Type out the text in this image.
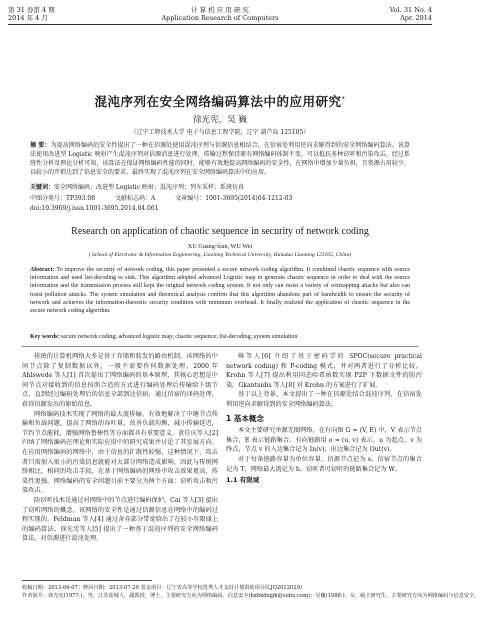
第 31 卷第 4 期
2014 年 4 月
计 算 机 应 用 研 究
Application Research of Computers
Vol. 31 No. 4
Apr. 2014
混沌序列在安全网络编码算法中的应用研究*
徐光宪，吴 巍
（辽宁工程技术大学 电子与信息工程学院，辽宁 葫芦岛 125105）
摘 要：为提高网络编码的安全性提出了一种在信源处使用混沌序列与信源信息相结合，在信宿处利用逆向求解得到的安全网络编码算法。该算法使用改进型 Logistic 映射产生混沌序列对信源消息进行处理，传输过程保持原有网络编码体制不变，可以抵抗多种窃听和污染攻击。经过系统性分析及理论分析可知，该算法在保证网络编码性能的同时，能够有效地提高网络编码的安全性，在网络中增加少量负担，且资源占用较少，以较小的开销达到了信息安全的要求。最终实现了混沌序列在安全网络编码算法中的应用。
关键词：安全网络编码；改进型 Logistic 映射；混沌序列；列车采样；系统仿真
中图分类号：TP393.08	文献标志码：A	文章编号：1001-3695(2014)04-1212-03
doi:10.3969/j.issn.1001-3695.2014.04.061
Research on application of chaotic sequence in security of network coding
XU Guang-xian, WU Wei
( School of Electronic & Information Engineering, Liaoning Technical University, Huludao Liaoning 125105, China)
Abstract: To improve the security of network coding, this paper presented a secure network coding algorithm. It combined chaotic sequence with source information and used list-decoding to sink. This algorithm adopted advanced Logistic map to generate chaotic sequence in order to deal with the source information and the transmission process still kept the original network coding system. It not only can resist a variety of wiretapping attacks but also can resist pollution attacks. The system simulation and theoretical analysis confirm that this algorithm abandons part of bandwidth to ensure the security of network and achieves the information-theoretic security condition with minimum overhead. It finally realized the application of chaotic sequence in the secure network coding algorithm.
Key words: secure network coding; advanced logistic map; chaotic sequence; list-decoding; system simulation

传统的计算机网络大多是基于存储和转发的路由机制，该网络的中间节点除了复制数据以外，一般不需要作何数据处理。2000 年 Ahlswede 等人[1] 首次提出了网络编码的基本原理，其核心思想是中间节点对接收到的信息按照合适的方式进行编码处理后传输给下级节点，直到经过编码处理后的信息全部到达信宿，通过信宿的译码处理，获得信源发出的原始信息。

网络编码技术实现了网络的最大流传输，有效地解决了中继节点传输和负载问题，提高了网络的吞吐量，改善负载均衡，减小传输延迟，节约节点能耗，增强网络鲁棒性等方面都具有重要意义。黄佳庆等人[2] 归纳了网络编码在理论和实际应用中的研究成果并讨论了其发展方向。在应用网络编码的网络中，由于信息的扩散性较强，这种情况下，攻击者只需加入很小的污染信息就能对大部分网络造成影响，因此与传统网络相比，相同的攻击手段，在基于网络编码的网络中攻击效果更高，传染性更强。网络编码的安全问题目前主要分为两个方面：窃听攻击和污染攻击。

防窃听技术是通过对网络中的节点进行编码保护。Cai 等人[3] 提出了窃听网络的概念，该网络的安全性是通过信源信息在网络中的编码过程实现的。Feldman 等人[4] 通过舍弃部分带宽给出了在较小有限域上的编码算法。徐光宪等人[5] 提出了一种基于混沌序列的安全网络编码算法，对信源进行混沌处理。

峰等人[6] 介绍了基于密码学的 SPOC(secure practical network coding) 和 P-coding 模式，并对两者进行了分析比较。Krohn 等人[7] 提出利用同态哈希函数实现 P2P 下数据文件的防污染。Gkantsidis 等人[8] 对 Krohn 的方案进行了扩展。

基于以上背景，本文提出了一种在信源处结合混沌序列，在信宿处利用逆向求解得到的安全网络编码算法。

1 基本概念

本文主要研究单源无圈网络，在有向图 G = (V, E) 中，V 表示节点集合，E 表示链路集合。有向链路用 e = (u, v) 表示，u 为起点，v 为终点，节点 v 的入边集合记为 In(v)，出边集合记为 Out(v)。

对于每条链路容量为单位容量，信源节点记为 s，信宿节点的集合记为 T，网络最大流记为 h，窃听者可窃听的链路集合记为 W。

1.1 有限域
收稿日期：2013-06-07；修回日期：2013-07-29 基金项目：辽宁省高等学校优秀人才支持计划资助项目(LJQ2012029)
作者简介：徐光宪(1977-)，男，江苏盐城人，副教授，博士，主要研究方向为网络编码、信息安全(hxbkdxgjh@sohu.com)；吴巍(1988-)，女，硕士研究生，主要研究方向为网络编码与信息安全。
